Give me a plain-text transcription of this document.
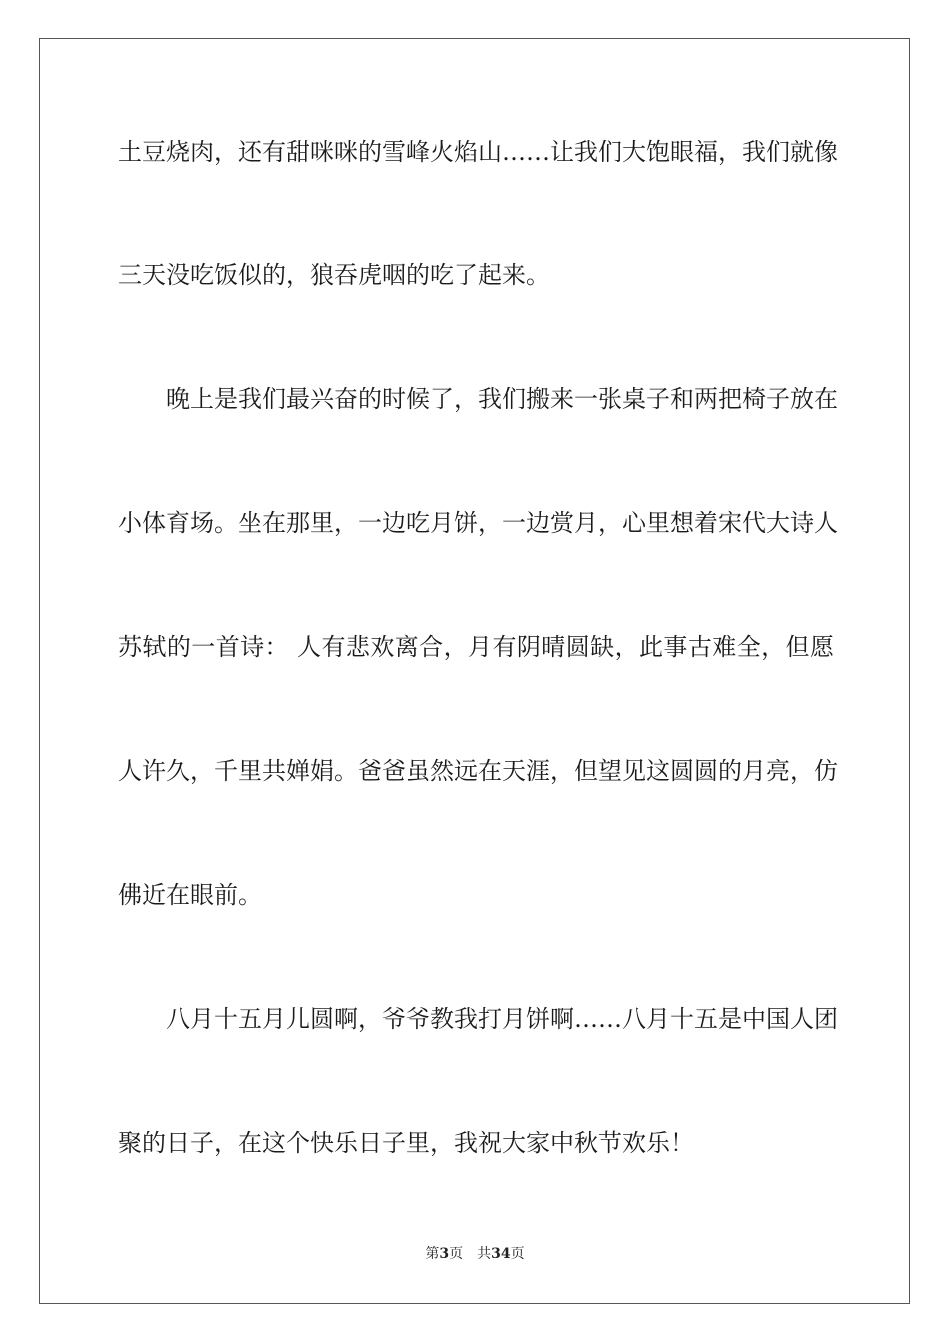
土豆烧肉，还有甜咪咪的雪峰火焰山……让我们大饱眼福，我们就像
三天没吃饭似的，狼吞虎咽的吃了起来。
晚上是我们最兴奋的时候了，我们搬来一张桌子和两把椅子放在
小体育场。坐在那里，一边吃月饼，一边赏月，心里想着宋代大诗人
苏轼的一首诗： 人有悲欢离合，月有阴晴圆缺，此事古难全，但愿
人许久，千里共婵娟。爸爸虽然远在天涯，但望见这圆圆的月亮，仿
佛近在眼前。
八月十五月儿圆啊，爷爷教我打月饼啊……八月十五是中国人团
聚的日子，在这个快乐日子里，我祝大家中秋节欢乐！
第3页 共34页
